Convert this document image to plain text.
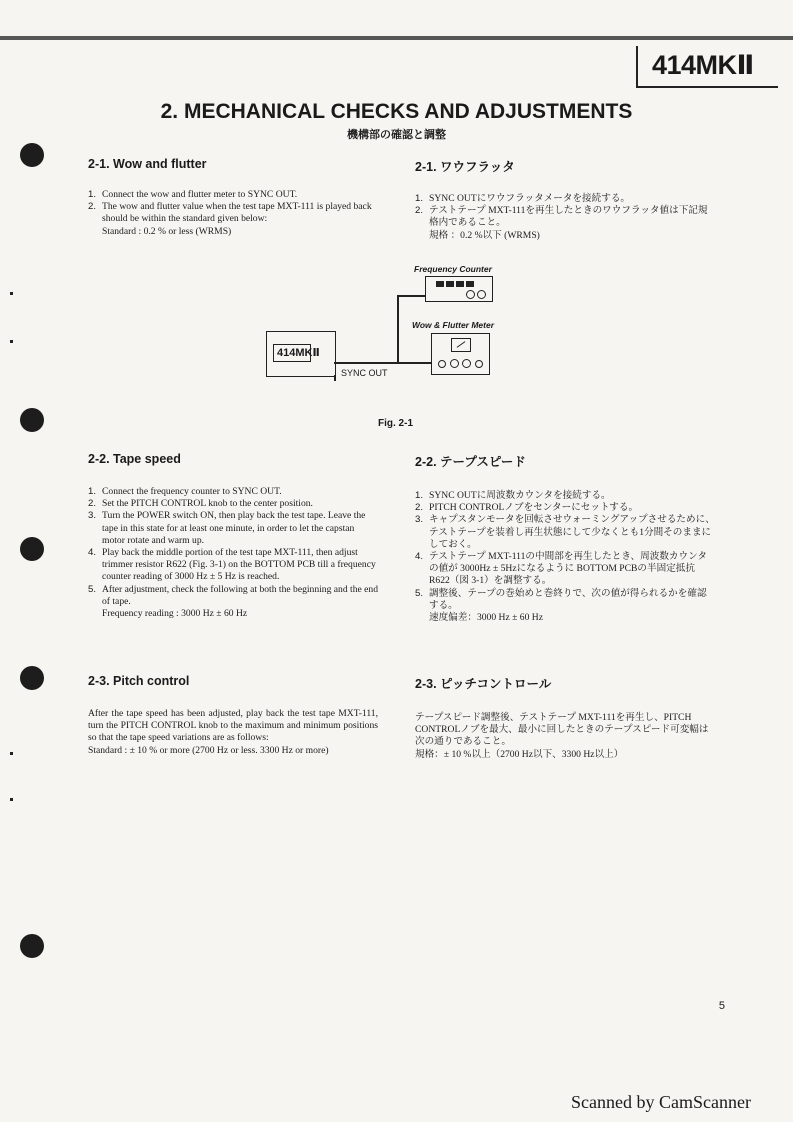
414MKⅡ
2. MECHANICAL CHECKS AND ADJUSTMENTS
機構部の確認と調整
2-1. Wow and flutter
1. Connect the wow and flutter meter to SYNC OUT.
2. The wow and flutter value when the test tape MXT-111 is played back should be within the standard given below:
Standard : 0.2 % or less (WRMS)
2-1. ワウフラッタ
1. SYNC OUTにワウフラッタメータを接続する。
2. テストテープ MXT-111を再生したときのワウフラッタ値は下記規格内であること。
規格 ：0.2 %以下 (WRMS)
Frequency Counter
Wow & Flutter Meter
414MKⅡ
SYNC OUT
Fig. 2-1
2-2. Tape speed
1. Connect the frequency counter to SYNC OUT.
2. Set the PITCH CONTROL knob to the center position.
3. Turn the POWER switch ON, then play back the test tape. Leave the tape in this state for at least one minute, in order to let the capstan motor rotate and warm up.
4. Play back the middle portion of the test tape MXT-111, then adjust trimmer resistor R622 (Fig. 3-1) on the BOTTOM PCB till a frequency counter reading of 3000 Hz ± 5 Hz is reached.
5. After adjustment, check the following at both the beginning and the end of tape.
Frequency reading : 3000 Hz ± 60 Hz
2-2. テープスピード
1. SYNC OUTに周波数カウンタを接続する。
2. PITCH CONTROLノブをセンターにセットする。
3. キャプスタンモータを回転させウォーミングアップさせるために、テストテープを装着し再生状態にして少なくとも1分間そのままにしておく。
4. テストテープ MXT-111の中間部を再生したとき、周波数カウンタの値が 3000Hz ± 5Hzになるように BOTTOM PCBの半固定抵抗 R622（図 3-1）を調整する。
5. 調整後、テープの巻始めと巻終りで、次の値が得られるかを確認する。
速度偏差：3000 Hz ± 60 Hz
2-3. Pitch control
After the tape speed has been adjusted, play back the test tape MXT-111, turn the PITCH CONTROL knob to the maximum and minimum positions so that the tape speed variations are as follows:
Standard : ± 10 % or more (2700 Hz or less. 3300 Hz or more)
2-3. ピッチコントロール
テープスピード調整後、テストテープ MXT-111を再生し、PITCH CONTROLノブを最大、最小に回したときのテープスピード可変幅は次の通りであること。
規格：± 10 %以上（2700 Hz以下、3300 Hz以上）
5
Scanned by CamScanner
